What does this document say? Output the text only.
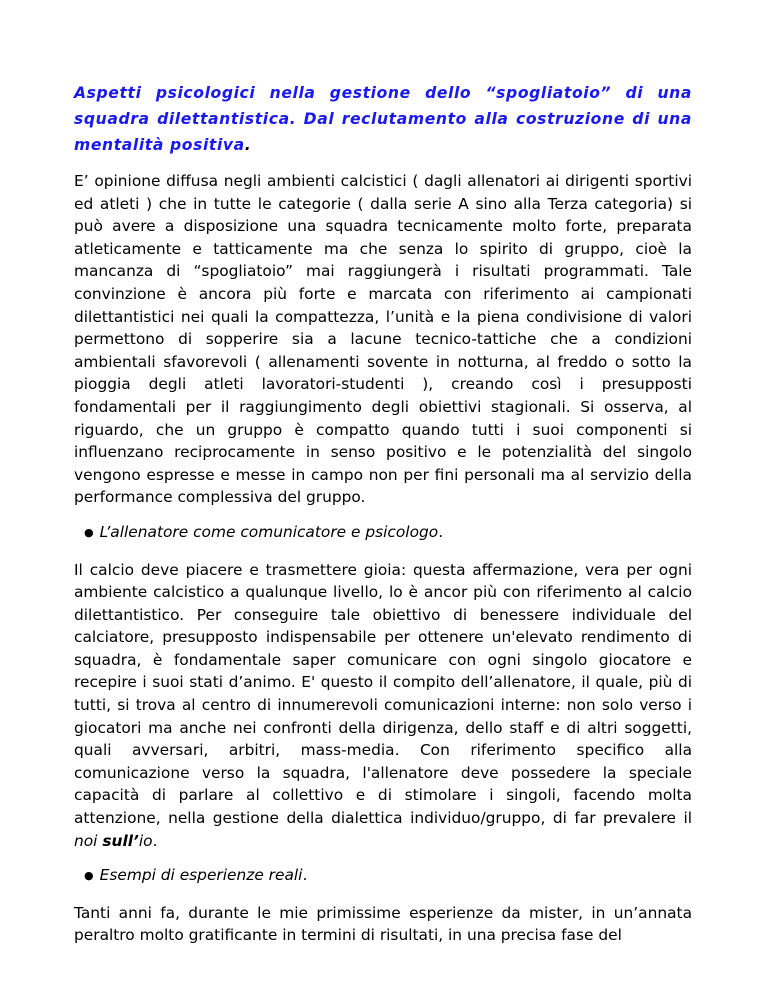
Aspetti psicologici nella gestione dello “spogliatoio” di una squadra dilettantistica. Dal reclutamento alla costruzione di una mentalità positiva.

E’ opinione diffusa negli ambienti calcistici ( dagli allenatori ai dirigenti sportivi ed atleti ) che in tutte le categorie ( dalla serie A sino alla Terza categoria) si può avere a disposizione una squadra tecnicamente molto forte, preparata atleticamente e tatticamente ma che senza lo spirito di gruppo, cioè la mancanza di “spogliatoio” mai raggiungerà i risultati programmati. Tale convinzione è ancora più forte e marcata con riferimento ai campionati dilettantistici nei quali la compattezza, l’unità e la piena condivisione di valori permettono di sopperire sia a lacune tecnico-tattiche che a condizioni ambientali sfavorevoli ( allenamenti sovente in notturna, al freddo o sotto la pioggia degli atleti lavoratori-studenti ), creando così i presupposti fondamentali per il raggiungimento degli obiettivi stagionali. Si osserva, al riguardo, che un gruppo è compatto quando tutti i suoi componenti si influenzano reciprocamente in senso positivo e le potenzialità del singolo vengono espresse e messe in campo non per fini personali ma al servizio della performance complessiva del gruppo.

● L’allenatore come comunicatore e psicologo.

Il calcio deve piacere e trasmettere gioia: questa affermazione, vera per ogni ambiente calcistico a qualunque livello, lo è ancor più con riferimento al calcio dilettantistico. Per conseguire tale obiettivo di benessere individuale del calciatore, presupposto indispensabile per ottenere un'elevato rendimento di squadra, è fondamentale saper comunicare con ogni singolo giocatore e recepire i suoi stati d’animo. E' questo il compito dell’allenatore, il quale, più di tutti, si trova al centro di innumerevoli comunicazioni interne: non solo verso i giocatori ma anche nei confronti della dirigenza, dello staff e di altri soggetti, quali avversari, arbitri, mass-media. Con riferimento specifico alla comunicazione verso la squadra, l'allenatore deve possedere la speciale capacità di parlare al collettivo e di stimolare i singoli, facendo molta attenzione, nella gestione della dialettica individuo/gruppo, di far prevalere il noi sull’io.

● Esempi di esperienze reali.

Tanti anni fa, durante le mie primissime esperienze da mister, in un’annata peraltro molto gratificante in termini di risultati, in una precisa fase del
